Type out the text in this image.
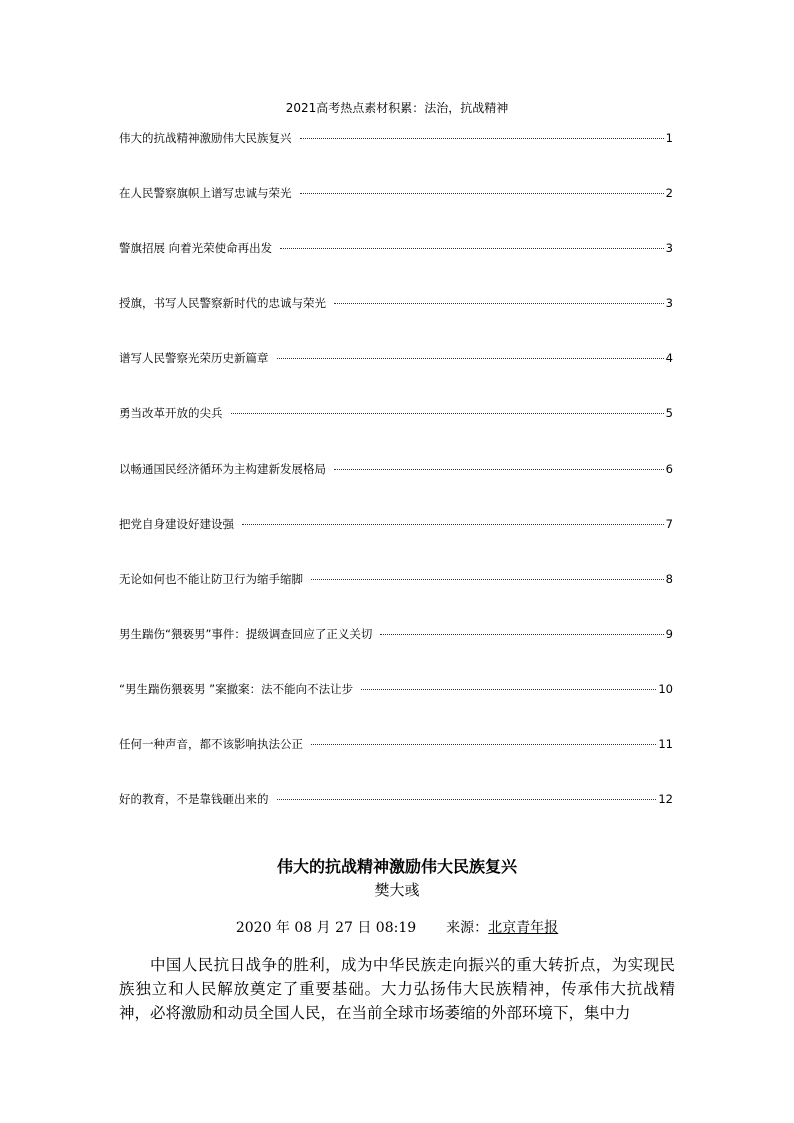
2021高考热点素材积累：法治，抗战精神
伟大的抗战精神激励伟大民族复兴	1
在人民警察旗帜上谱写忠诚与荣光	2
警旗招展 向着光荣使命再出发	3
授旗，书写人民警察新时代的忠诚与荣光	3
谱写人民警察光荣历史新篇章	4
勇当改革开放的尖兵	5
以畅通国民经济循环为主构建新发展格局	6
把党自身建设好建设强	7
无论如何也不能让防卫行为缩手缩脚	8
男生踹伤“猥亵男”事件：提级调查回应了正义关切	9
“男生踹伤猥亵男 ”案撤案：法不能向不法让步	10
任何一种声音，都不该影响执法公正	11
好的教育，不是靠钱砸出来的	12
伟大的抗战精神激励伟大民族复兴
樊大彧
2020 年 08 月 27 日 08:19 来源：北京青年报

中国人民抗日战争的胜利，成为中华民族走向振兴的重大转折点，为实现民族独立和人民解放奠定了重要基础。大力弘扬伟大民族精神，传承伟大抗战精神，必将激励和动员全国人民，在当前全球市场萎缩的外部环境下，集中力
